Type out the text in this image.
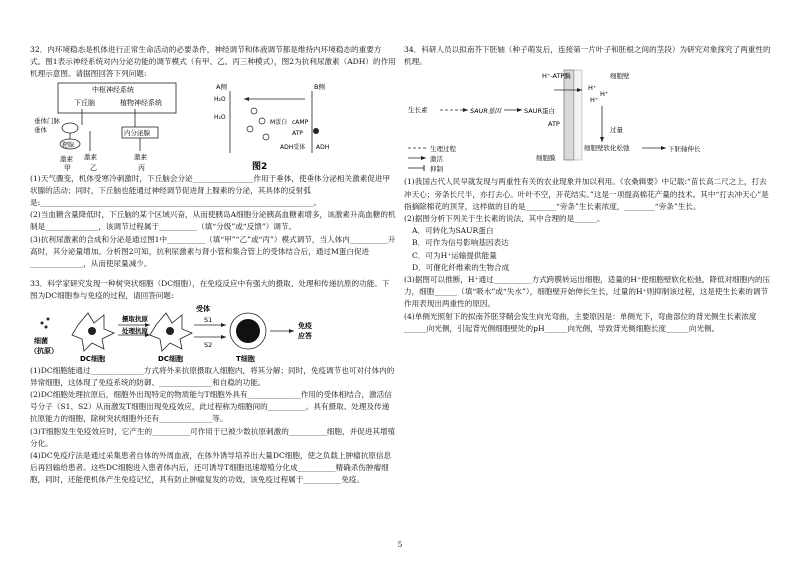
32．内环境稳态是机体进行正常生命活动的必要条件，神经调节和体液调节都是维持内环境稳态的重要方式。图1表示神经系统对内分泌功能的调节模式（有甲、乙、丙三种模式），图2为抗利尿激素（ADH）的作用机理示意图。请据图回答下列问题:

中枢神经系统
下丘脑	植物神经系统
内分泌腺
垂体门脉
垂体
靶腺
激素 激素	激素
甲	乙	丙
A侧	B侧
H₂O
H₂O
M蛋白 cAMP
ATP
ADH受体 ADH
图2

(1)天气骤变，机体受寒冷刺激时，下丘脑会分泌________________作用于垂体，使垂体分泌相关激素促进甲状腺的活动；同时，下丘脑也能通过神经调节促进肾上腺素的分泌，其具体的反射弧是:________________________________________________________________________。

(2)当血糖含量降低时，下丘脑的某个区域兴奋，从而使胰岛A细胞分泌胰高血糖素增多，该激素升高血糖的机制是______________，该调节过程属于__________（填“分级”或“反馈”）调节。

(3)抗利尿激素的合成和分泌是通过图1中__________（填“甲”“乙”或“丙”）模式调节，当人体内__________升高时，其分泌量增加。分析图2可知，抗利尿激素与肾小管和集合管上的受体结合后，通过M蛋白促进______________，从而使尿量减少。

33．科学家研究发现一种树突状细胞（DC细胞），在免疫反应中有强大的摄取、处理和传递抗原的功能。下图为DC细胞参与免疫的过程，请回答问题:

细菌
（抗原）
DC细胞
摄取抗原
处理抗原
DC细胞
受体
S1
S2
T细胞
免疫
应答

(1)DC细胞能通过______________方式将外来抗原摄取入细胞内，将其分解；同时，免疫调节也可对付体内的异常细胞，这体现了免疫系统的防御、______________和自稳的功能。

(2)DC细胞处理抗原后，细胞外出现特定的物质能与T细胞外具有______________作用的受体相结合，激活信号分子（S1、S2）从而激发T细胞出现免疫效应，此过程称为细胞间的__________。具有摄取、处理及传递抗原能力的细胞，除树突状细胞外还有______________等。

(3)T细胞发生免疫效应时，它产生的__________可作用于已被少数抗原刺激的__________细胞，并促进其增殖分化。

(4)DC免疫疗法是通过采集患者自体的外周血液，在体外诱导培养出大量DC细胞，使之负载上肿瘤抗原信息后再回输给患者。这些DC细胞进入患者体内后，还可诱导T细胞迅速增殖分化成__________精确杀伤肿瘤细胞，同时，还能使机体产生免疫记忆，具有防止肿瘤复发的功效，该免疫过程属于__________免疫。

34．科研人员以拟南芥下胚轴（种子萌发后，连接第一片叶子和胚根之间的茎段）为研究对象探究了两重性的机理。

H⁺-ATP酶	细胞壁
H⁺
H⁺
H⁺
生长素	SAUR基因	SAUR蛋白
ATP
细胞膜
过量
细胞壁软化松弛	下胚轴伸长
生理过程
激活
抑制

(1)我国古代人民早就发现与两重性有关的农业现象并加以利用。《农桑辑要》中记载:“苗长高二尺之上，打去冲天心；旁条长尺半，亦打去心。叶叶不空，开花结实。”这是一项提高棉花产量的技术。其中“打去冲天心”是指摘除棉花的顶芽，这样做的目的是________“旁条”生长素浓度，________“旁条”生长。

(2)据图分析下列关于生长素的说法，其中合理的是______。

A．可转化为SAUR蛋白

B．可作为信号影响基因表达

C．可为H⁺运输提供能量

D．可催化纤维素的生物合成

(3)据图可以推断，H⁺通过__________方式跨膜转运出细胞，适量的H⁺使细胞壁软化松弛，降低对细胞内的压力，细胞______（填“吸水”或“失水”），细胞壁开始伸长生长，过量的H⁺则抑制该过程，这是使生长素的调节作用表现出两重性的原因。

(4)单侧光照射下的拟南芥胚芽鞘会发生向光弯曲，主要原因是：单侧光下，弯曲部位的背光侧生长素浓度______向光侧，引起背光侧细胞壁处的pH______向光侧，导致背光侧细胞长度______向光侧。

5
